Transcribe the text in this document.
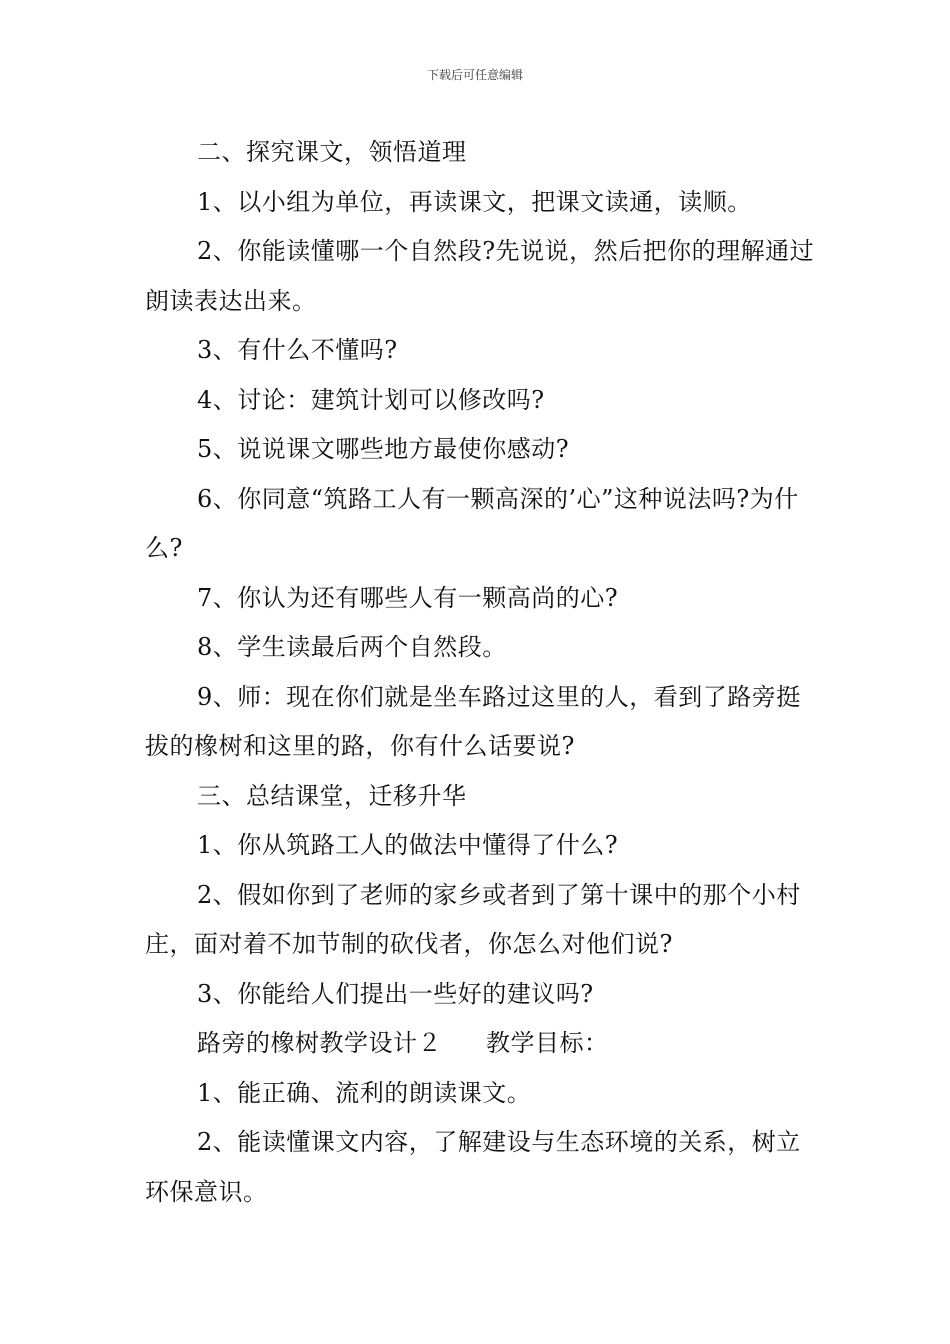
下载后可任意编辑

二、探究课文，领悟道理

1、以小组为单位，再读课文，把课文读通，读顺。

2、你能读懂哪一个自然段?先说说，然后把你的理解通过朗读表达出来。

3、有什么不懂吗?

4、讨论：建筑计划可以修改吗?

5、说说课文哪些地方最使你感动?

6、你同意“筑路工人有一颗高深的’心”这种说法吗?为什么?

7、你认为还有哪些人有一颗高尚的心?

8、学生读最后两个自然段。

9、师：现在你们就是坐车路过这里的人，看到了路旁挺拔的橡树和这里的路，你有什么话要说?

三、总结课堂，迁移升华

1、你从筑路工人的做法中懂得了什么?

2、假如你到了老师的家乡或者到了第十课中的那个小村庄，面对着不加节制的砍伐者，你怎么对他们说?

3、你能给人们提出一些好的建议吗?

路旁的橡树教学设计２ 教学目标：

1、能正确、流利的朗读课文。

2、能读懂课文内容，了解建设与生态环境的关系，树立环保意识。
